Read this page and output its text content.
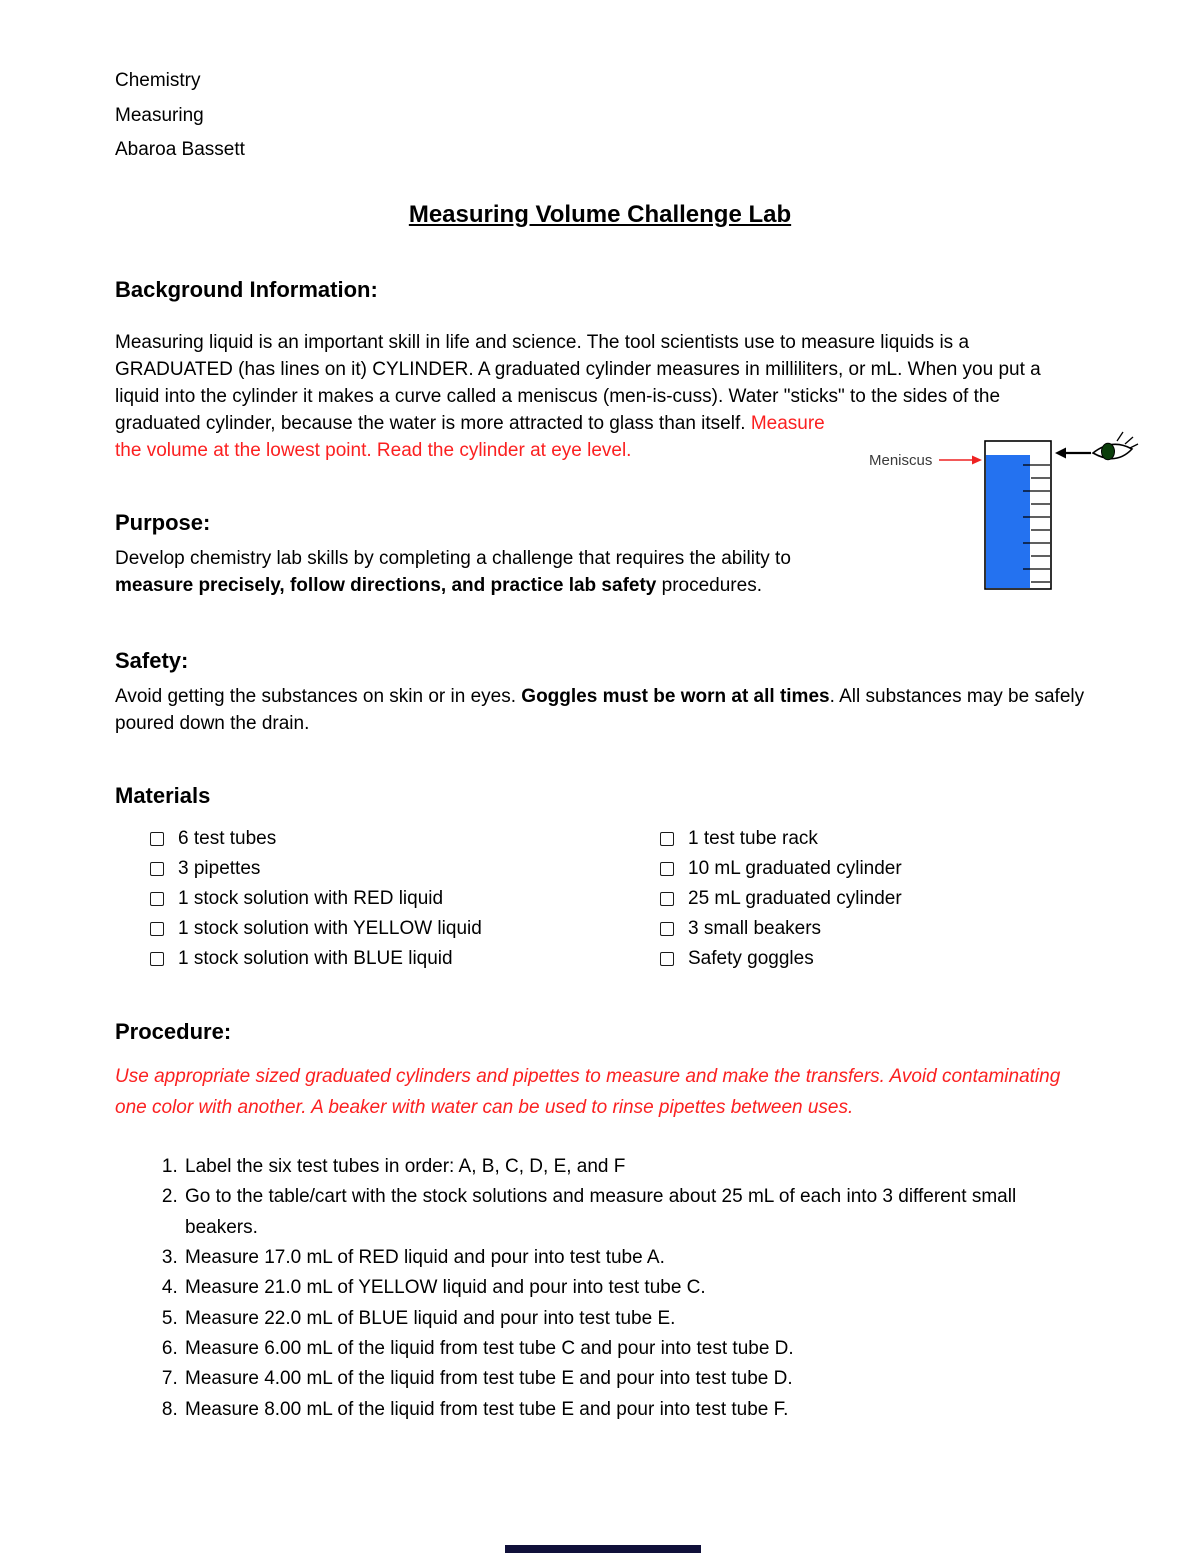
Chemistry

Measuring

Abaroa Bassett

Measuring Volume Challenge Lab
Background Information:

Measuring liquid is an important skill in life and science. The tool scientists use to measure liquids is a GRADUATED (has lines on it) CYLINDER. A graduated cylinder measures in milliliters, or mL. When you put a liquid into the cylinder it makes a curve called a meniscus (men-is-cuss). Water "sticks" to the sides of the graduated cylinder,
Meniscus
because the water is more attracted to glass than itself. Measure the volume at the lowest point. Read the cylinder at eye level.

Purpose:

Develop chemistry lab skills by completing a challenge that requires the ability to measure precisely, follow directions, and practice lab safety procedures.

Safety:

Avoid getting the substances on skin or in eyes. Goggles must be worn at all times. All substances may be safely poured down the drain.

Materials
6 test tubes
3 pipettes
1 stock solution with RED liquid
1 stock solution with YELLOW liquid
1 stock solution with BLUE liquid
1 test tube rack
10 mL graduated cylinder
25 mL graduated cylinder
3 small beakers
Safety goggles
Procedure:

Use appropriate sized graduated cylinders and pipettes to measure and make the transfers. Avoid contaminating one color with another. A beaker with water can be used to rinse pipettes between uses.

1. Label the six test tubes in order: A, B, C, D, E, and F
2. Go to the table/cart with the stock solutions and measure about 25 mL of each into 3 different small beakers.
3. Measure 17.0 mL of RED liquid and pour into test tube A.
4. Measure 21.0 mL of YELLOW liquid and pour into test tube C.
5. Measure 22.0 mL of BLUE liquid and pour into test tube E.
6. Measure 6.00 mL of the liquid from test tube C and pour into test tube D.
7. Measure 4.00 mL of the liquid from test tube E and pour into test tube D.
8. Measure 8.00 mL of the liquid from test tube E and pour into test tube F.
